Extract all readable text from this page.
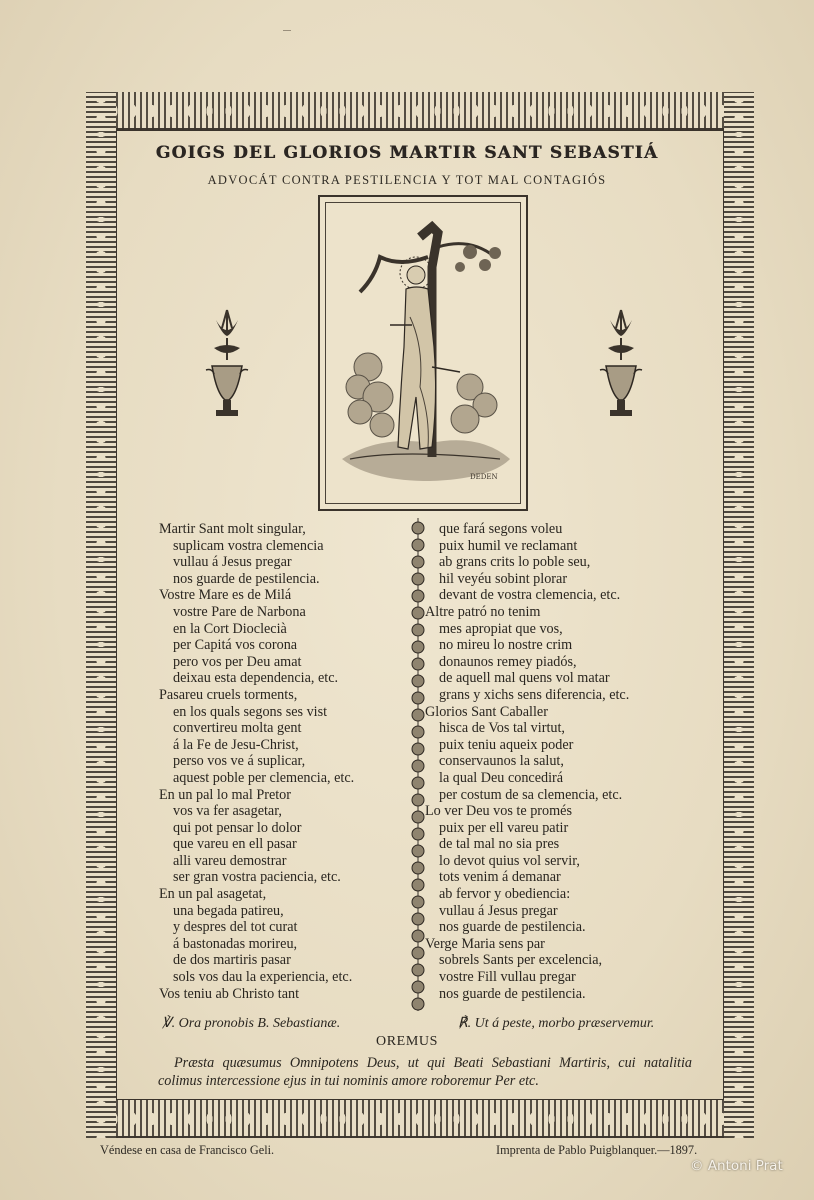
GOIGS DEL GLORIOS MARTIR SANT SEBASTIÁ
ADVOCÁT CONTRA PESTILENCIA Y TOT MAL CONTAGIÓS
DEDEN
Martir Sant molt singular,
suplicam vostra clemencia
vullau á Jesus pregar
nos guarde de pestilencia.
Vostre Mare es de Milá
vostre Pare de Narbona
en la Cort Dioclecià
per Capitá vos corona
pero vos per Deu amat
deixau esta dependencia, etc.
Pasareu cruels torments,
en los quals segons ses vist
convertireu molta gent
á la Fe de Jesu-Christ,
perso vos ve á suplicar,
aquest poble per clemencia, etc.
En un pal lo mal Pretor
vos va fer asagetar,
qui pot pensar lo dolor
que vareu en ell pasar
alli vareu demostrar
ser gran vostra paciencia, etc.
En un pal asagetat,
una begada patireu,
y despres del tot curat
á bastonadas morireu,
de dos martiris pasar
sols vos dau la experiencia, etc.
Vos teniu ab Christo tant
que fará segons voleu
puix humil ve reclamant
ab grans crits lo poble seu,
hil veyéu sobint plorar
devant de vostra clemencia, etc.
Altre patró no tenim
mes apropiat que vos,
no mireu lo nostre crim
donaunos remey piadós,
de aquell mal quens vol matar
grans y xichs sens diferencia, etc.
Glorios Sant Caballer
hisca de Vos tal virtut,
puix teniu aqueix poder
conservaunos la salut,
la qual Deu concedirá
per costum de sa clemencia, etc.
Lo ver Deu vos te promés
puix per ell vareu patir
de tal mal no sia pres
lo devot quius vol servir,
tots venim á demanar
ab fervor y obediencia:
vullau á Jesus pregar
nos guarde de pestilencia.
Verge Maria sens par
sobrels Sants per excelencia,
vostre Fill vullau pregar
nos guarde de pestilencia.
℣. Ora pronobis B. Sebastianæ.	℟. Ut á peste, morbo præservemur.
OREMUS
Præsta quæsumus Omnipotens Deus, ut qui Beati Sebastiani Martiris, cui natalitia colimus intercessione ejus in tui nominis amore roboremur Per etc.
Véndese en casa de Francisco Geli.	Imprenta de Pablo Puigblanquer.—1897.
© Antoni Prat
